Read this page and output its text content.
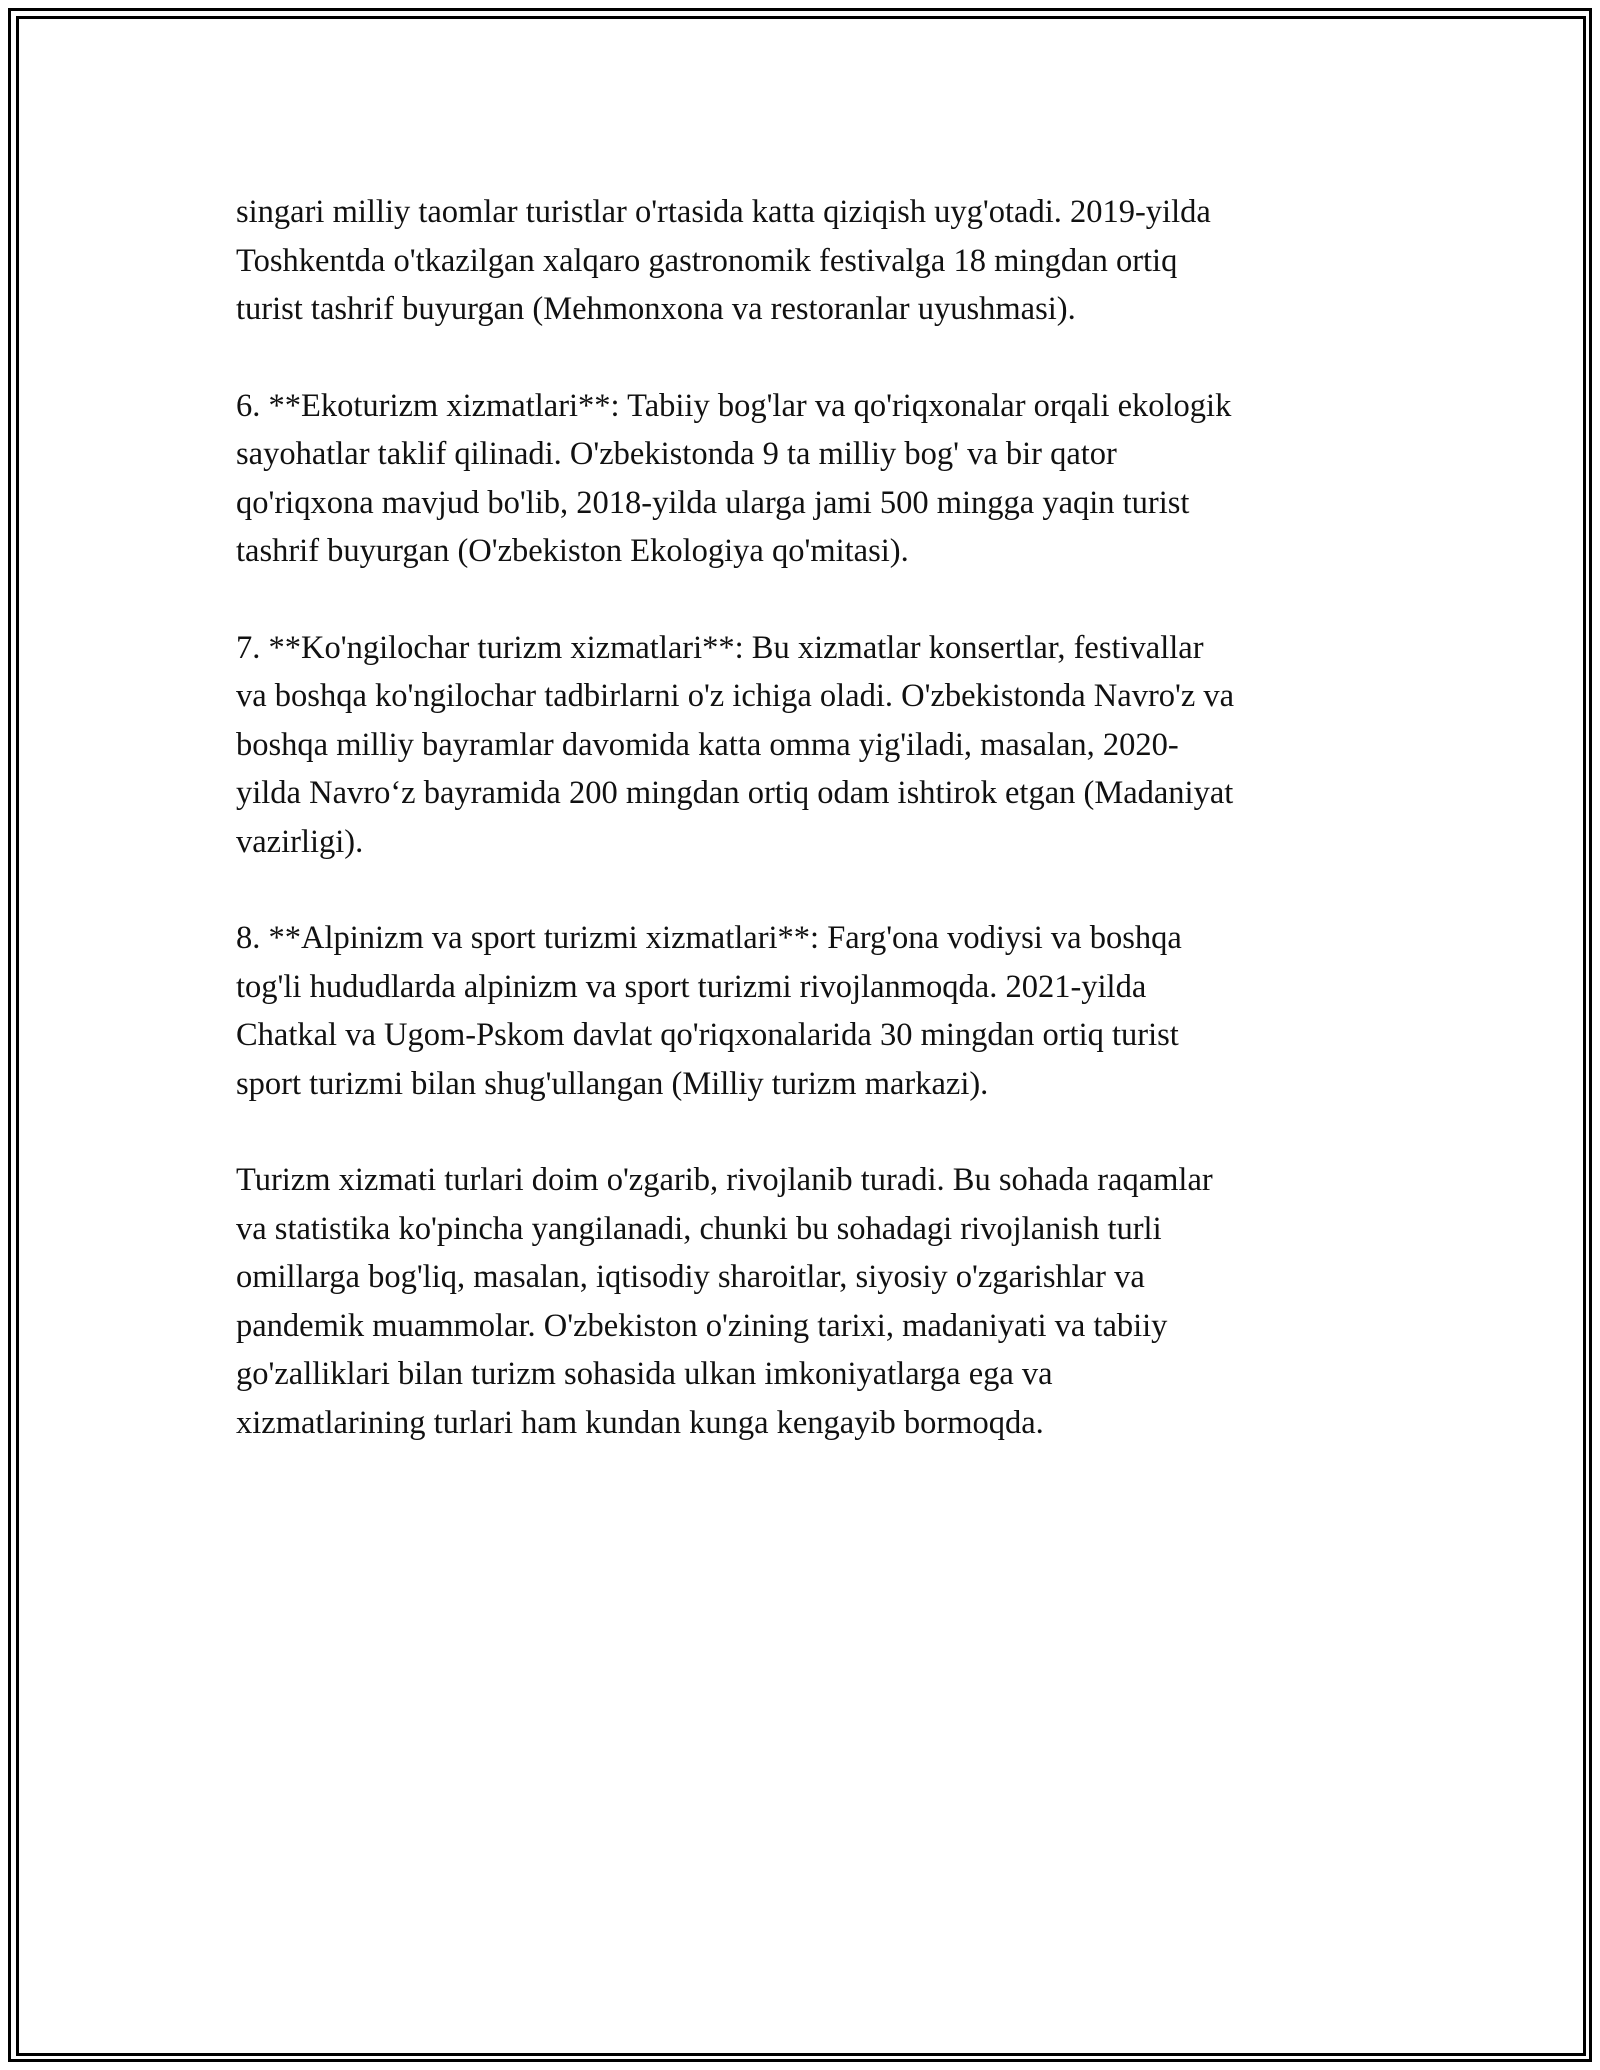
singari milliy taomlar turistlar o'rtasida katta qiziqish uyg'otadi. 2019-yilda
Toshkentda o'tkazilgan xalqaro gastronomik festivalga 18 mingdan ortiq
turist tashrif buyurgan (Mehmonxona va restoranlar uyushmasi).

6. **Ekoturizm xizmatlari**: Tabiiy bog'lar va qo'riqxonalar orqali ekologik
sayohatlar taklif qilinadi. O'zbekistonda 9 ta milliy bog' va bir qator
qo'riqxona mavjud bo'lib, 2018-yilda ularga jami 500 mingga yaqin turist
tashrif buyurgan (O'zbekiston Ekologiya qo'mitasi).

7. **Ko'ngilochar turizm xizmatlari**: Bu xizmatlar konsertlar, festivallar
va boshqa ko'ngilochar tadbirlarni o'z ichiga oladi. O'zbekistonda Navro'z va
boshqa milliy bayramlar davomida katta omma yig'iladi, masalan, 2020-
yilda Navro‘z bayramida 200 mingdan ortiq odam ishtirok etgan (Madaniyat
vazirligi).

8. **Alpinizm va sport turizmi xizmatlari**: Farg'ona vodiysi va boshqa
tog'li hududlarda alpinizm va sport turizmi rivojlanmoqda. 2021-yilda
Chatkal va Ugom-Pskom davlat qo'riqxonalarida 30 mingdan ortiq turist
sport turizmi bilan shug'ullangan (Milliy turizm markazi).

Turizm xizmati turlari doim o'zgarib, rivojlanib turadi. Bu sohada raqamlar
va statistika ko'pincha yangilanadi, chunki bu sohadagi rivojlanish turli
omillarga bog'liq, masalan, iqtisodiy sharoitlar, siyosiy o'zgarishlar va
pandemik muammolar. O'zbekiston o'zining tarixi, madaniyati va tabiiy
go'zalliklari bilan turizm sohasida ulkan imkoniyatlarga ega va
xizmatlarining turlari ham kundan kunga kengayib bormoqda.
